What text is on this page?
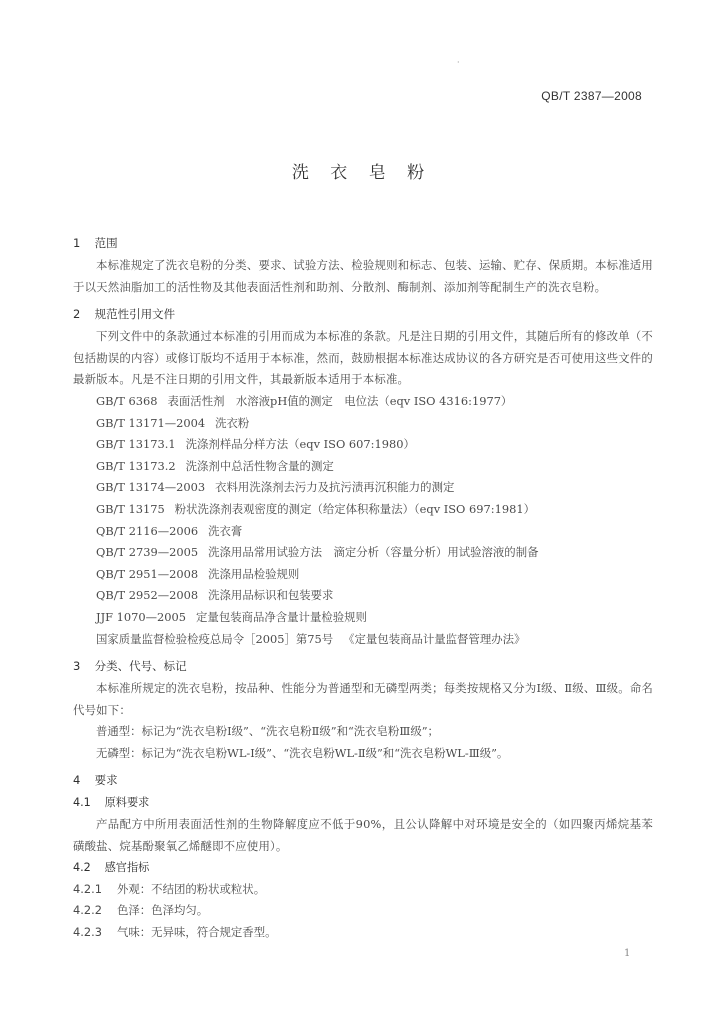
·
QB/T 2387—2008
洗 衣 皂 粉
1 范围

本标准规定了洗衣皂粉的分类、要求、试验方法、检验规则和标志、包装、运输、贮存、保质期。本标准适用于以天然油脂加工的活性物及其他表面活性剂和助剂、分散剂、酶制剂、添加剂等配制生产的洗衣皂粉。

2 规范性引用文件

下列文件中的条款通过本标准的引用而成为本标准的条款。凡是注日期的引用文件，其随后所有的修改单（不包括勘误的内容）或修订版均不适用于本标准，然而，鼓励根据本标准达成协议的各方研究是否可使用这些文件的最新版本。凡是不注日期的引用文件，其最新版本适用于本标准。

GB/T 6368 表面活性剂　水溶液pH值的测定　电位法（eqv ISO 4316:1977）

GB/T 13171—2004 洗衣粉

GB/T 13173.1 洗涤剂样品分样方法（eqv ISO 607:1980）

GB/T 13173.2 洗涤剂中总活性物含量的测定

GB/T 13174—2003 衣料用洗涤剂去污力及抗污渍再沉积能力的测定

GB/T 13175 粉状洗涤剂表观密度的测定（给定体积称量法）（eqv ISO 697:1981）

QB/T 2116—2006 洗衣膏

QB/T 2739—2005 洗涤用品常用试验方法　滴定分析（容量分析）用试验溶液的制备

QB/T 2951—2008 洗涤用品检验规则

QB/T 2952—2008 洗涤用品标识和包装要求

JJF 1070—2005 定量包装商品净含量计量检验规则

国家质量监督检验检疫总局令［2005］第75号 《定量包装商品计量监督管理办法》

3 分类、代号、标记

本标准所规定的洗衣皂粉，按品种、性能分为普通型和无磷型两类；每类按规格又分为Ⅰ级、Ⅱ级、Ⅲ级。命名代号如下：

普通型：标记为“洗衣皂粉Ⅰ级”、“洗衣皂粉Ⅱ级”和“洗衣皂粉Ⅲ级”；

无磷型：标记为“洗衣皂粉WL-Ⅰ级”、“洗衣皂粉WL-Ⅱ级”和“洗衣皂粉WL-Ⅲ级”。

4 要求
4.1 原料要求

产品配方中所用表面活性剂的生物降解度应不低于90%，且公认降解中对环境是安全的（如四聚丙烯烷基苯磺酸盐、烷基酚聚氧乙烯醚即不应使用）。

4.2 感官指标

4.2.1 外观：不结团的粉状或粒状。

4.2.2 色泽：色泽均匀。

4.2.3 气味：无异味，符合规定香型。

1
